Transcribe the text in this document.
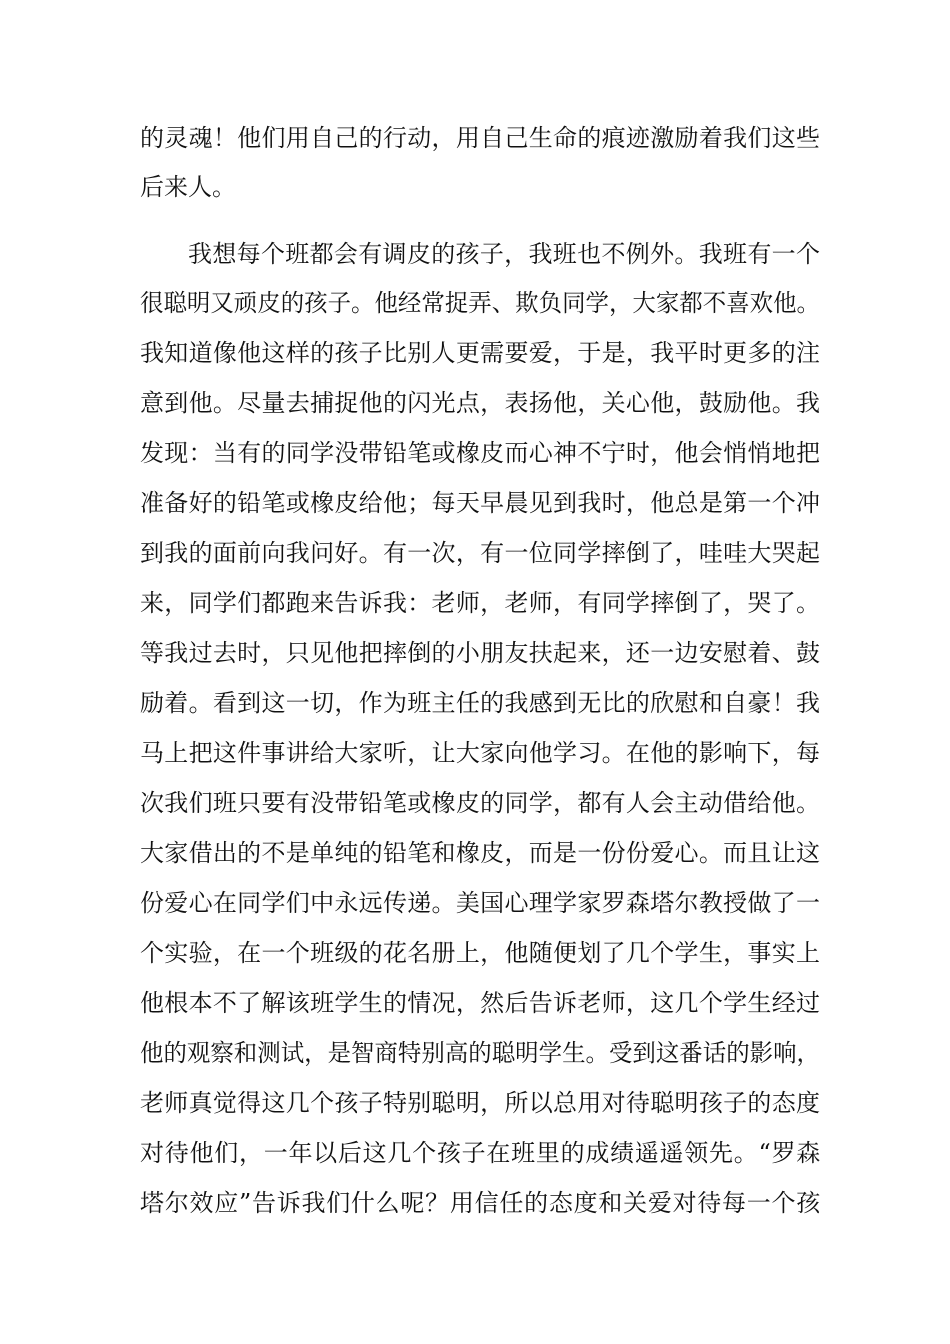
的灵魂！他们用自己的行动，用自己生命的痕迹激励着我们这些
后来人。
我想每个班都会有调皮的孩子，我班也不例外。我班有一个
很聪明又顽皮的孩子。他经常捉弄、欺负同学，大家都不喜欢他。
我知道像他这样的孩子比别人更需要爱，于是，我平时更多的注
意到他。尽量去捕捉他的闪光点，表扬他，关心他，鼓励他。我
发现：当有的同学没带铅笔或橡皮而心神不宁时，他会悄悄地把
准备好的铅笔或橡皮给他；每天早晨见到我时，他总是第一个冲
到我的面前向我问好。有一次，有一位同学摔倒了，哇哇大哭起
来，同学们都跑来告诉我：老师，老师，有同学摔倒了，哭了。
等我过去时，只见他把摔倒的小朋友扶起来，还一边安慰着、鼓
励着。看到这一切，作为班主任的我感到无比的欣慰和自豪！我
马上把这件事讲给大家听，让大家向他学习。在他的影响下，每
次我们班只要有没带铅笔或橡皮的同学，都有人会主动借给他。
大家借出的不是单纯的铅笔和橡皮，而是一份份爱心。而且让这
份爱心在同学们中永远传递。美国心理学家罗森塔尔教授做了一
个实验，在一个班级的花名册上，他随便划了几个学生，事实上
他根本不了解该班学生的情况，然后告诉老师，这几个学生经过
他的观察和测试，是智商特别高的聪明学生。受到这番话的影响，
老师真觉得这几个孩子特别聪明，所以总用对待聪明孩子的态度
对待他们，一年以后这几个孩子在班里的成绩遥遥领先。“罗森
塔尔效应”告诉我们什么呢？用信任的态度和关爱对待每一个孩
